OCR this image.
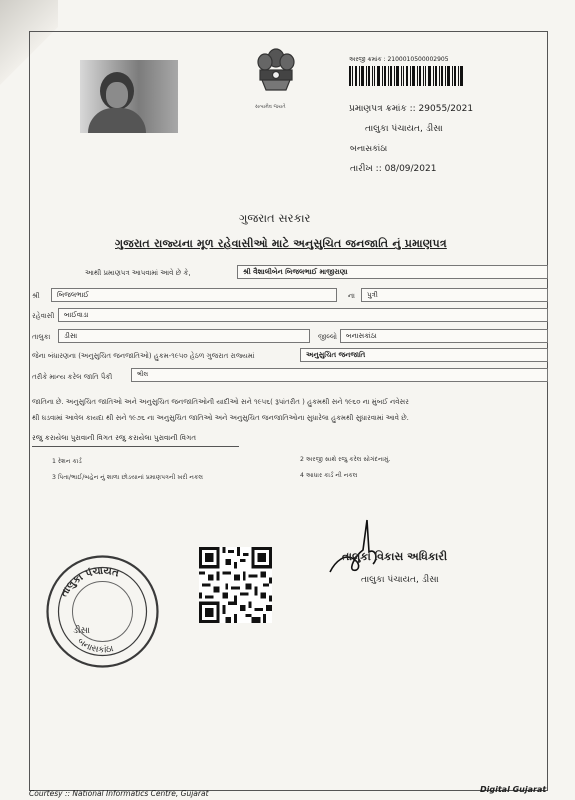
સત્યમેવ જયતે
અરજી ક્રમાંક : 2100010500002905
પ્રમાણપત્ર ક્રમાંક :: 29055/2021
તાલુકા પંચાયત, ડીસા
બનાસકાંઠા
તારીખ :: 08/09/2021
ગુજરાત સરકાર
ગુજરાત રાજ્યના મૂળ રહેવાસીઓ માટે અનુસુચિત જનજાતિ નું પ્રમાણપત્ર
આથી પ્રમાણપત્ર આપવામાં આવે છે કે,	શ્રી વૈશાલીબેન બિજલભાઈ માજીરાણા
શ્રી	બિજલભાઈ	ના	પુત્રી
રહેવાસી	બાઈવાડા
તાલુકા	ડીસા	જીલ્લો	બનાસકાંઠા
જેના બંધારણના (અનુસુચિત જનજાતિઓ) હુકમ-૧૯૫૦ હેઠળ ગુજરાત રાજ્યમાં	અનુસુચિત જનજાતિ
તરીકે માન્ય કરેલ જાતિ પૈકી	ભીલ
જાતિના છે. અનુસુચિત જાતિઓ અને અનુસુચિત જનજાતિઓની યાદીઓ સને ૧૯૫૬( રૂપાંતરીત ) હુકમથી સને ૧૯૬૦ ના મુંબઈ નવેસર
થી ઘડવામાં આવેલ કાયદા થી સને ૧૯૭૬ ના અનુસુચિત જાતિઓ અને અનુસુચિત જનજાતિઓના સુધારેલા હુકમથી સુધારવામાં આવે છે.
રજુ કરાયેલા પુરાવાની વિગત રજુ કરાયેલા પુરાવાની વિગત
1 રેશન કાર્ડ	2 અરજી સાથે રજુ કરેલ સોગંદનામું.
3 પિતા/ભાઈ/બહેન નું શાળા છોડયાનાં પ્રમાણપત્રની ખરી નકલ	4 આધાર કાર્ડ ની નકલ
તાલુકા વિકાસ અધિકારી
તાલુકા પંચાયત, ડીસા
તાલુકા પંચાયત
બનાસકાંઠા
ડીસા
Courtesy :: National Informatics Centre, Gujarat	Digital Gujarat
